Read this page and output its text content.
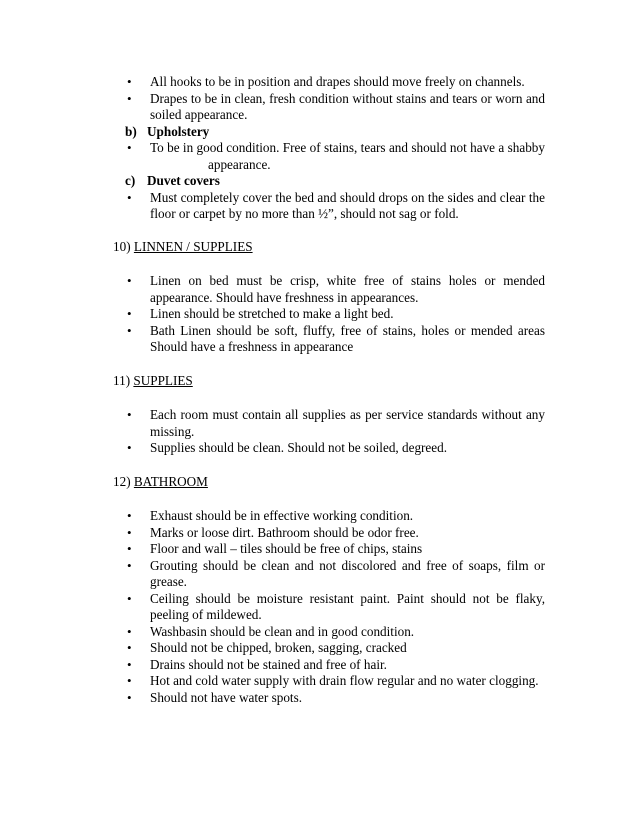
• All hooks to be in position and drapes should move freely on channels.
• Drapes to be in clean, fresh condition without stains and tears or worn and soiled appearance.

b) Upholstery

• To be in good condition. Free of stains, tears and should not have a shabby appearance.

c) Duvet covers

• Must completely cover the bed and should drops on the sides and clear the floor or carpet by no more than ½”, should not sag or fold.

10) LINNEN / SUPPLIES

• Linen on bed must be crisp, white free of stains holes or mended appearance. Should have freshness in appearances.
• Linen should be stretched to make a light bed.
• Bath Linen should be soft, fluffy, free of stains, holes or mended areas Should have a freshness in appearance

11) SUPPLIES

• Each room must contain all supplies as per service standards without any missing.
• Supplies should be clean. Should not be soiled, degreed.

12) BATHROOM

• Exhaust should be in effective working condition.
• Marks or loose dirt. Bathroom should be odor free.
• Floor and wall – tiles should be free of chips, stains
• Grouting should be clean and not discolored and free of soaps, film or grease.
• Ceiling should be moisture resistant paint. Paint should not be flaky, peeling of mildewed.
• Washbasin should be clean and in good condition.
• Should not be chipped, broken, sagging, cracked
• Drains should not be stained and free of hair.
• Hot and cold water supply with drain flow regular and no water clogging.
• Should not have water spots.
